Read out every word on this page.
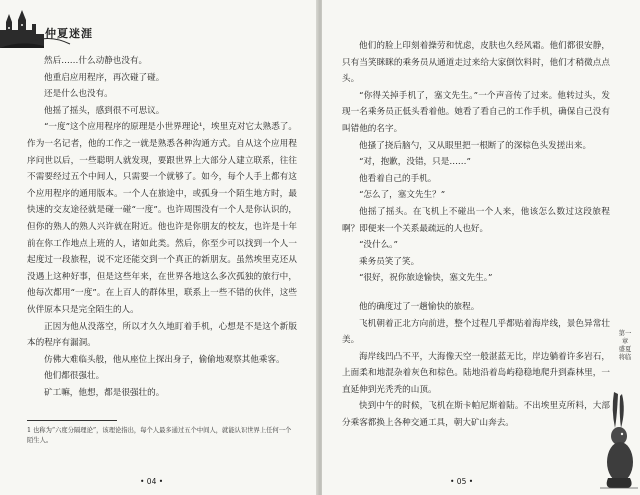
仲夏迷涯

然后……什么动静也没有。

他重启应用程序，再次碰了碰。

还是什么也没有。

他摇了摇头，感到很不可思议。

“一度”这个应用程序的原理是小世界理论¹，埃里克对它太熟悉了。作为一名记者，他的工作之一就是熟悉各种沟通方式。自从这个应用程序问世以后，一些聪明人就发现，要跟世界上大部分人建立联系，往往不需要经过五个中间人，只需要一个就够了。如今，每个人手上都有这个应用程序的通用版本。一个人在旅途中，或孤身一个陌生地方时，最快速的交友途径就是碰一碰“一度”。也许周围没有一个人是你认识的，但你的熟人的熟人兴许就在附近。他也许是你朋友的校友，也许是十年前在你工作地点上班的人，诸如此类。然后，你至少可以找到一个人一起度过一段旅程，说不定还能交到一个真正的新朋友。虽然埃里克还从没遇上这种好事，但是这些年来，在世界各地这么多次孤独的旅行中，他每次都用“一度”。在上百人的群体里，联系上一些不错的伙伴，这些伙伴原本只是完全陌生的人。

正因为他从没落空，所以才久久地盯着手机，心想是不是这个新版本的程序有漏洞。

仿佛大难临头般，他从座位上探出身子，偷偷地观察其他乘客。

他们都很强壮。

矿工嘛，他想，都是很强壮的。

1 也称为“六度分隔理论”，该理论指出，每个人最多通过五个中间人，就能认识世界上任何一个陌生人。
• 04 •

他们的脸上印刻着操劳和忧虑，皮肤也久经风霜。他们都很安静，只有当笑眯眯的乘务员从通道走过来给大家倒饮料时，他们才稍微点点头。

“你得关掉手机了，塞文先生。”一个声音传了过来。他转过头，发现一名乘务员正低头看着他。她看了看自己的工作手机，确保自己没有叫错他的名字。

他搔了挠后脑勺，又从眼里把一根断了的深棕色头发搓出来。

“对，抱歉，没错，只是……”

他看着自己的手机。

“怎么了，塞文先生？”

他摇了摇头。在飞机上不碰出一个人来，他该怎么数过这段旅程啊？即便来一个关系最疏远的人也好。

“没什么。”

乘务员笑了笑。

“很好，祝你旅途愉快，塞文先生。”

他的确度过了一趟愉快的旅程。

飞机朝着正北方向前进，整个过程几乎都贴着海岸线，景色异常壮美。

海岸线凹凸不平，大海像天空一般湛蓝无比，岸边躺着许多岩石，上面柔和地混杂着灰色和棕色。陆地沿着岛屿稳稳地爬升到森林里，一直延伸到光秃秃的山顶。

快到中午的时候，飞机在斯卡帕尼斯着陆。不出埃里克所料，大部分乘客都换上各种交通工具，朝大矿山奔去。

第一章 盛夏将临
• 05 •
